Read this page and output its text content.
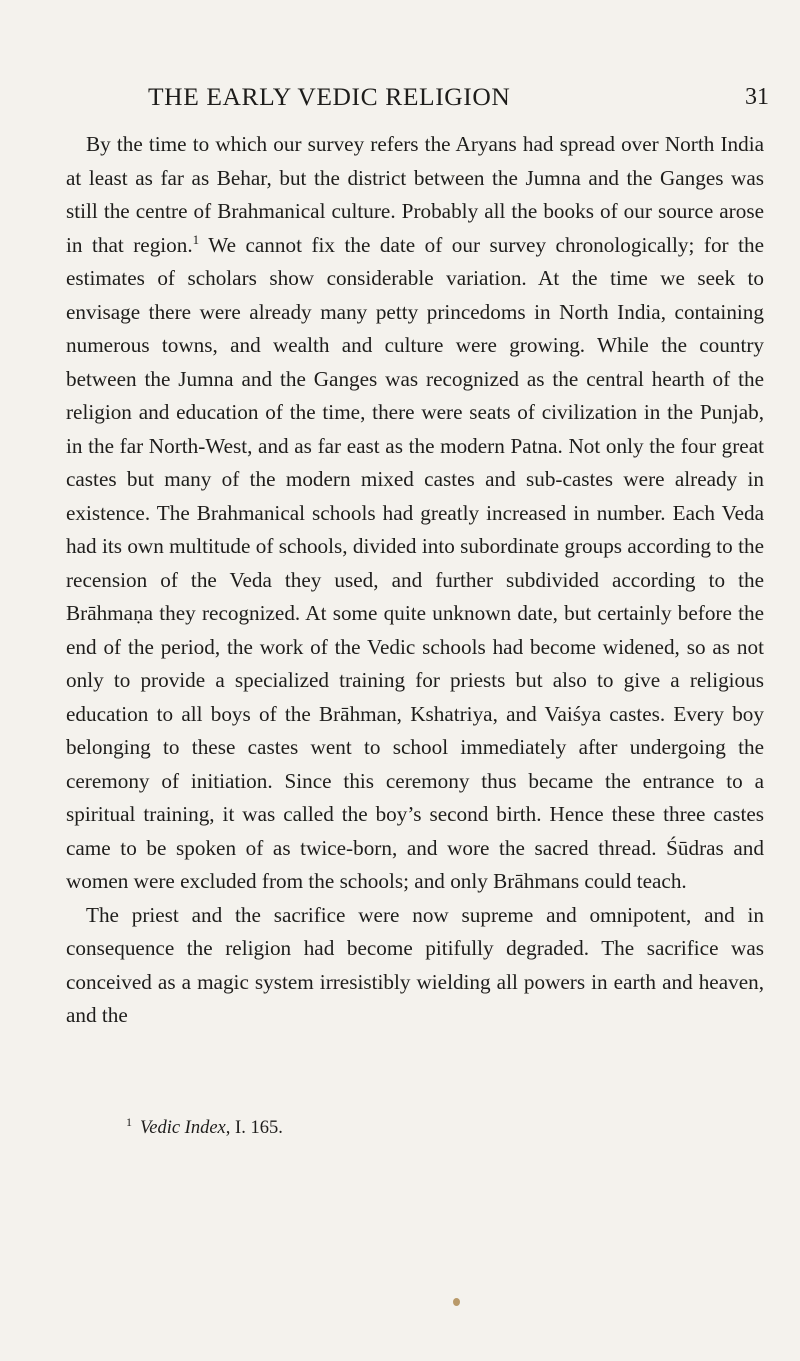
THE EARLY VEDIC RELIGION	31

By the time to which our survey refers the Aryans had spread over North India at least as far as Behar, but the district between the Jumna and the Ganges was still the centre of Brahmanical culture. Probably all the books of our source arose in that region.$^1$ We cannot fix the date of our survey chronologically; for the estimates of scholars show considerable variation. At the time we seek to envisage there were already many petty princedoms in North India, containing numerous towns, and wealth and culture were growing. While the country between the Jumna and the Ganges was recognized as the central hearth of the religion and education of the time, there were seats of civilization in the Punjab, in the far North-West, and as far east as the modern Patna. Not only the four great castes but many of the modern mixed castes and sub-castes were already in existence. The Brahmanical schools had greatly increased in number. Each Veda had its own multitude of schools, divided into subordinate groups according to the recension of the Veda they used, and further subdivided according to the Brāhmaṇa they recognized. At some quite unknown date, but certainly before the end of the period, the work of the Vedic schools had become widened, so as not only to provide a specialized training for priests but also to give a religious education to all boys of the Brāhman, Kshatriya, and Vaiśya castes. Every boy belonging to these castes went to school immediately after undergoing the ceremony of initiation. Since this ceremony thus became the entrance to a spiritual training, it was called the boy’s second birth. Hence these three castes came to be spoken of as twice-born, and wore the sacred thread. Śūdras and women were excluded from the schools; and only Brāhmans could teach.

The priest and the sacrifice were now supreme and omnipotent, and in consequence the religion had become pitifully degraded. The sacrifice was conceived as a magic system irresistibly wielding all powers in earth and heaven, and the

$^1$ Vedic Index, I. 165.
